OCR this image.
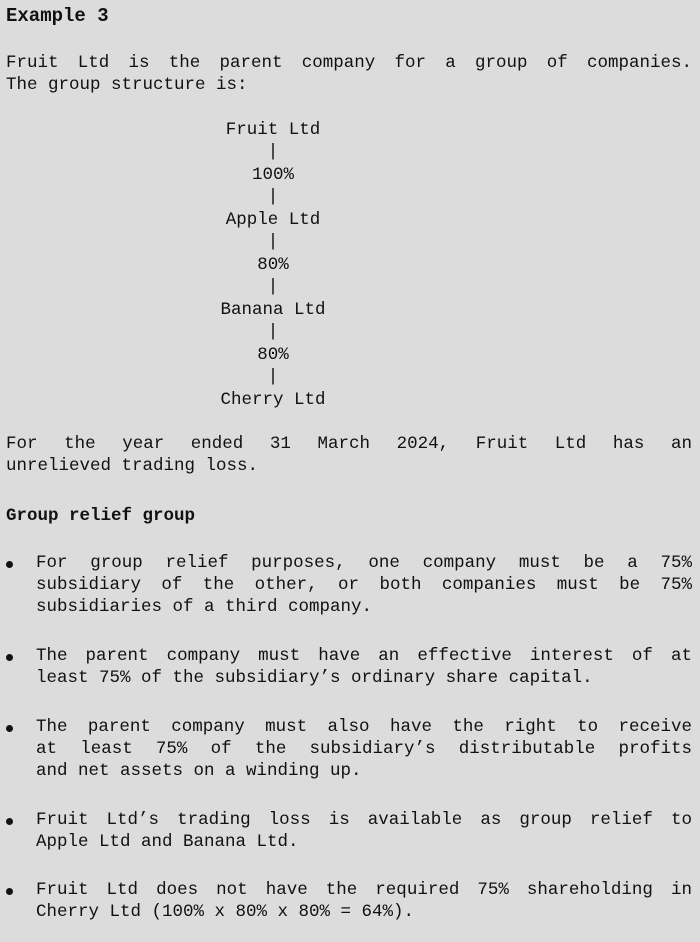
Example 3
Fruit Ltd is the parent company for a group of companies.
The group structure is:
Fruit Ltd
|
100%
|
Apple Ltd
|
80%
|
Banana Ltd
|
80%
|
Cherry Ltd
For the year ended 31 March 2024, Fruit Ltd has an
unrelieved trading loss.
Group relief group
For group relief purposes, one company must be a 75%
subsidiary of the other, or both companies must be 75%
subsidiaries of a third company.
The parent company must have an effective interest of at
least 75% of the subsidiary’s ordinary share capital.
The parent company must also have the right to receive
at least 75% of the subsidiary’s distributable profits
and net assets on a winding up.
Fruit Ltd’s trading loss is available as group relief to
Apple Ltd and Banana Ltd.
Fruit Ltd does not have the required 75% shareholding in
Cherry Ltd (100% x 80% x 80% = 64%).
